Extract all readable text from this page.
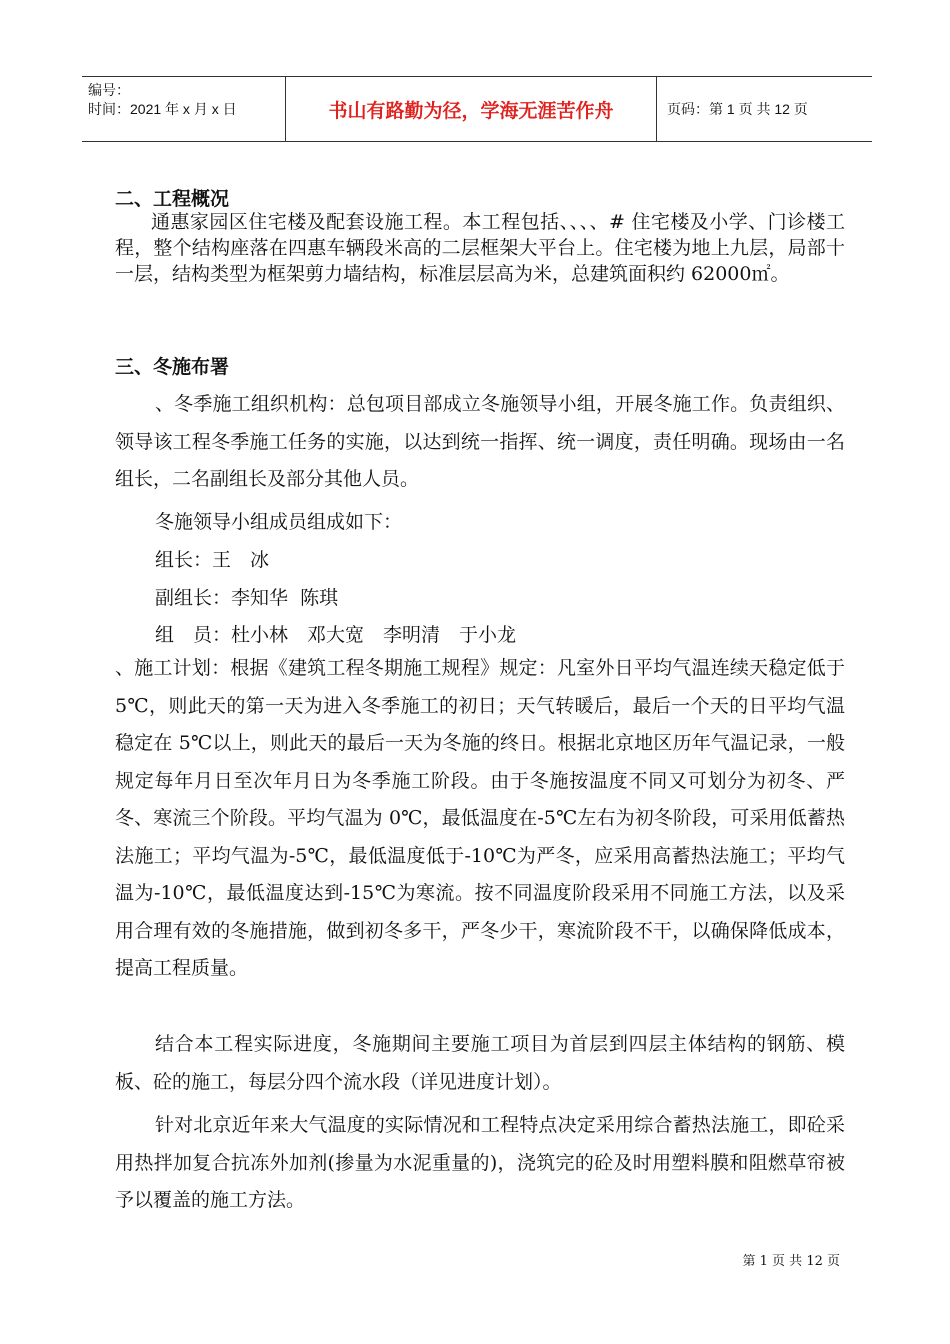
编号：
时间：2021 年 x 月 x 日	书山有路勤为径，学海无涯苦作舟	页码：第 1 页 共 12 页
二、工程概况

通惠家园区住宅楼及配套设施工程。本工程包括、、、、# 住宅楼及小学、门诊楼工程，整个结构座落在四惠车辆段米高的二层框架大平台上。住宅楼为地上九层，局部十一层，结构类型为框架剪力墙结构，标准层层高为米，总建筑面积约 62000㎡。

三、冬施布署

、冬季施工组织机构：总包项目部成立冬施领导小组，开展冬施工作。负责组织、领导该工程冬季施工任务的实施，以达到统一指挥、统一调度，责任明确。现场由一名组长，二名副组长及部分其他人员。

冬施领导小组成员组成如下：
组长：王　冰
副组长：李知华  陈琪
组　员：杜小林　邓大宽　李明清　于小龙

、施工计划：根据《建筑工程冬期施工规程》规定：凡室外日平均气温连续天稳定低于 5℃，则此天的第一天为进入冬季施工的初日；天气转暖后，最后一个天的日平均气温稳定在 5℃以上，则此天的最后一天为冬施的终日。根据北京地区历年气温记录，一般规定每年月日至次年月日为冬季施工阶段。由于冬施按温度不同又可划分为初冬、严冬、寒流三个阶段。平均气温为 0℃，最低温度在-5℃左右为初冬阶段，可采用低蓄热法施工；平均气温为-5℃，最低温度低于-10℃为严冬，应采用高蓄热法施工；平均气温为-10℃，最低温度达到-15℃为寒流。按不同温度阶段采用不同施工方法，以及采用合理有效的冬施措施，做到初冬多干，严冬少干，寒流阶段不干，以确保降低成本，提高工程质量。

结合本工程实际进度，冬施期间主要施工项目为首层到四层主体结构的钢筋、模板、砼的施工，每层分四个流水段（详见进度计划）。

针对北京近年来大气温度的实际情况和工程特点决定采用综合蓄热法施工，即砼采用热拌加复合抗冻外加剂(掺量为水泥重量的)，浇筑完的砼及时用塑料膜和阻燃草帘被予以覆盖的施工方法。

第 1 页 共 12 页
